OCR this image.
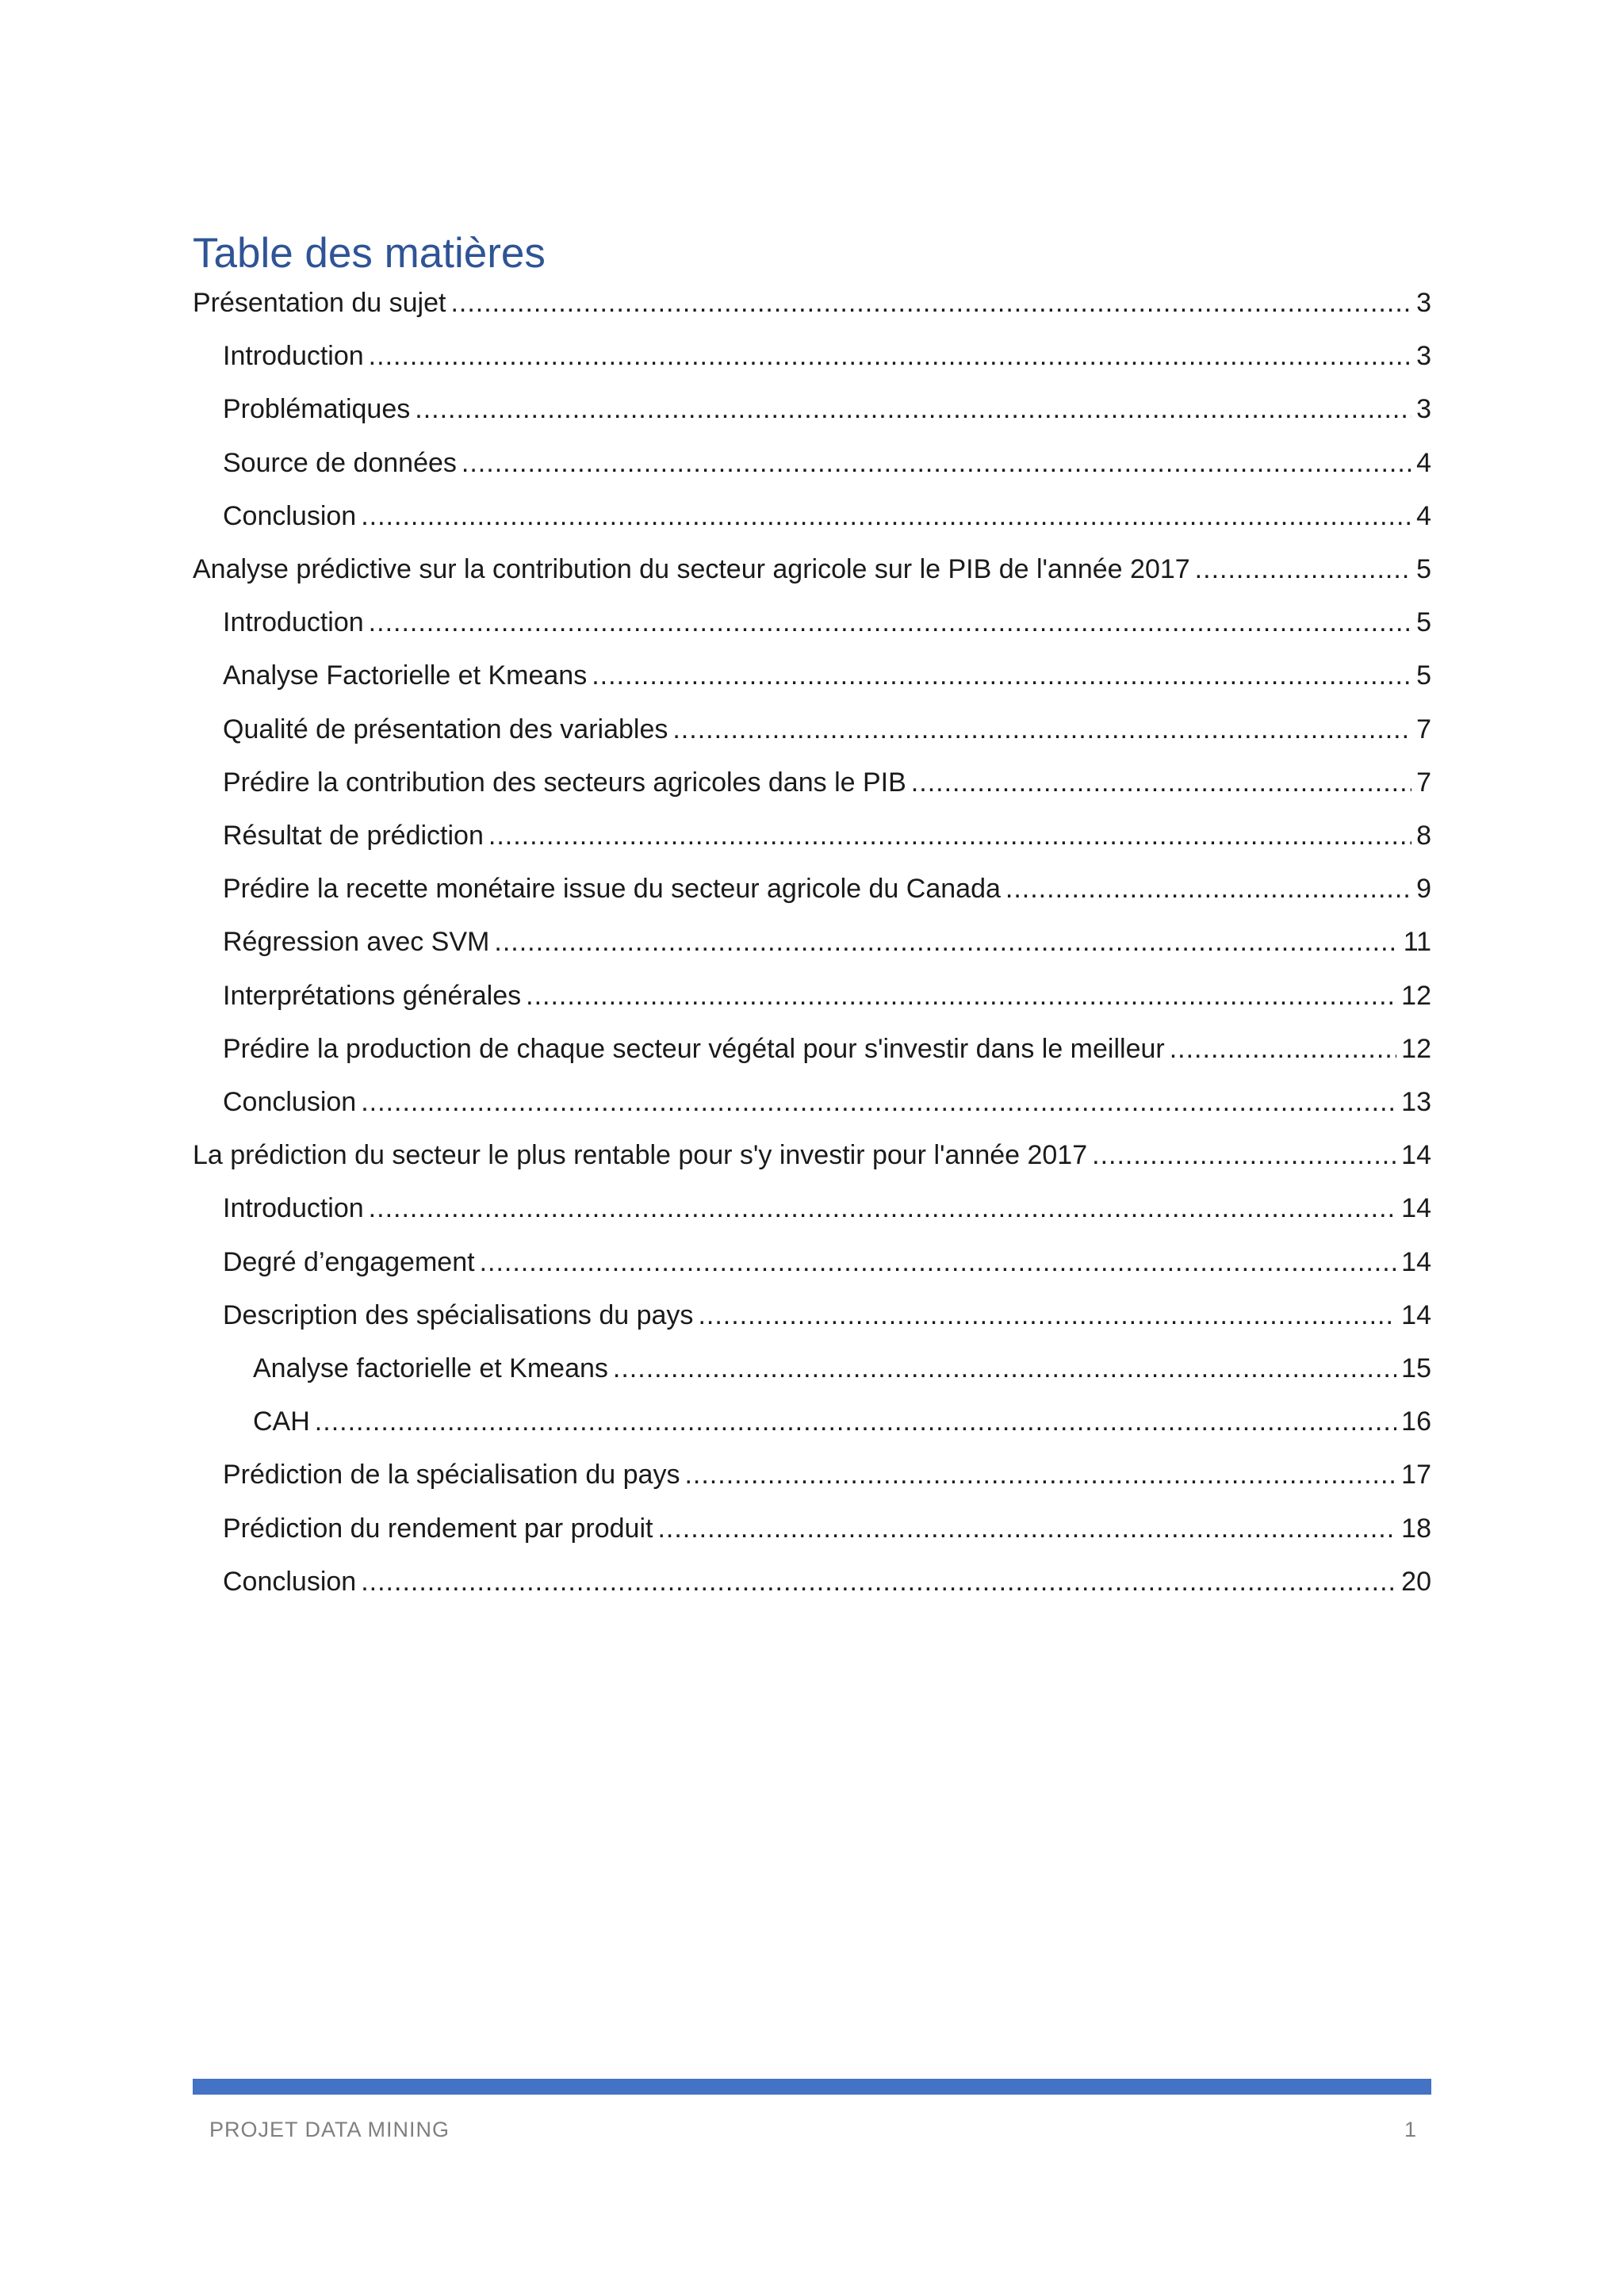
Table des matières
Présentation du sujet .....	3
Introduction .....	3
Problématiques .....	3
Source de données .....	4
Conclusion .....	4
Analyse prédictive sur la contribution du secteur agricole sur le PIB de l'année 2017 .....	5
Introduction .....	5
Analyse Factorielle et Kmeans .....	5
Qualité de présentation des variables .....	7
Prédire la contribution des secteurs agricoles dans le PIB .....	7
Résultat de prédiction .....	8
Prédire la recette monétaire issue du secteur agricole du Canada .....	9
Régression avec SVM .....	11
Interprétations générales .....	12
Prédire la production de chaque secteur végétal pour s'investir dans le meilleur .....	12
Conclusion .....	13
La prédiction du secteur le plus rentable pour s'y investir pour l'année 2017 .....	14
Introduction .....	14
Degré d’engagement .....	14
Description des spécialisations du pays .....	14
Analyse factorielle et Kmeans .....	15
CAH .....	16
Prédiction de la spécialisation du pays .....	17
Prédiction du rendement par produit .....	18
Conclusion .....	20
PROJET DATA MINING	1
